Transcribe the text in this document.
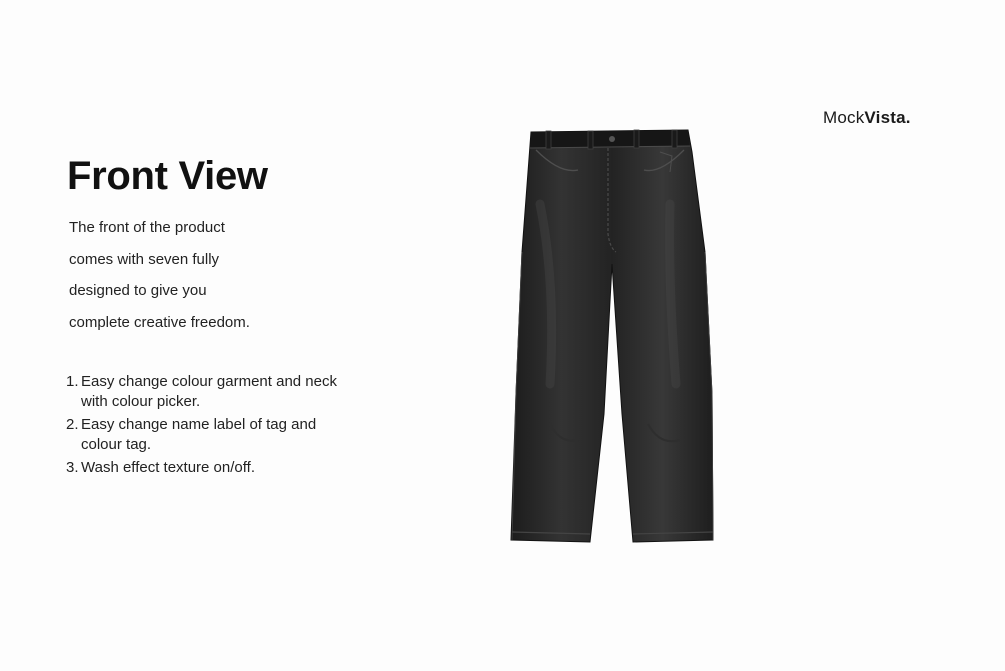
MockVista.
Front View
The front of the product
comes with seven fully
designed to give you
complete creative freedom.
1. Easy change colour garment and neck with colour picker.
2. Easy change name label of tag and colour tag.
3. Wash effect texture on/off.
